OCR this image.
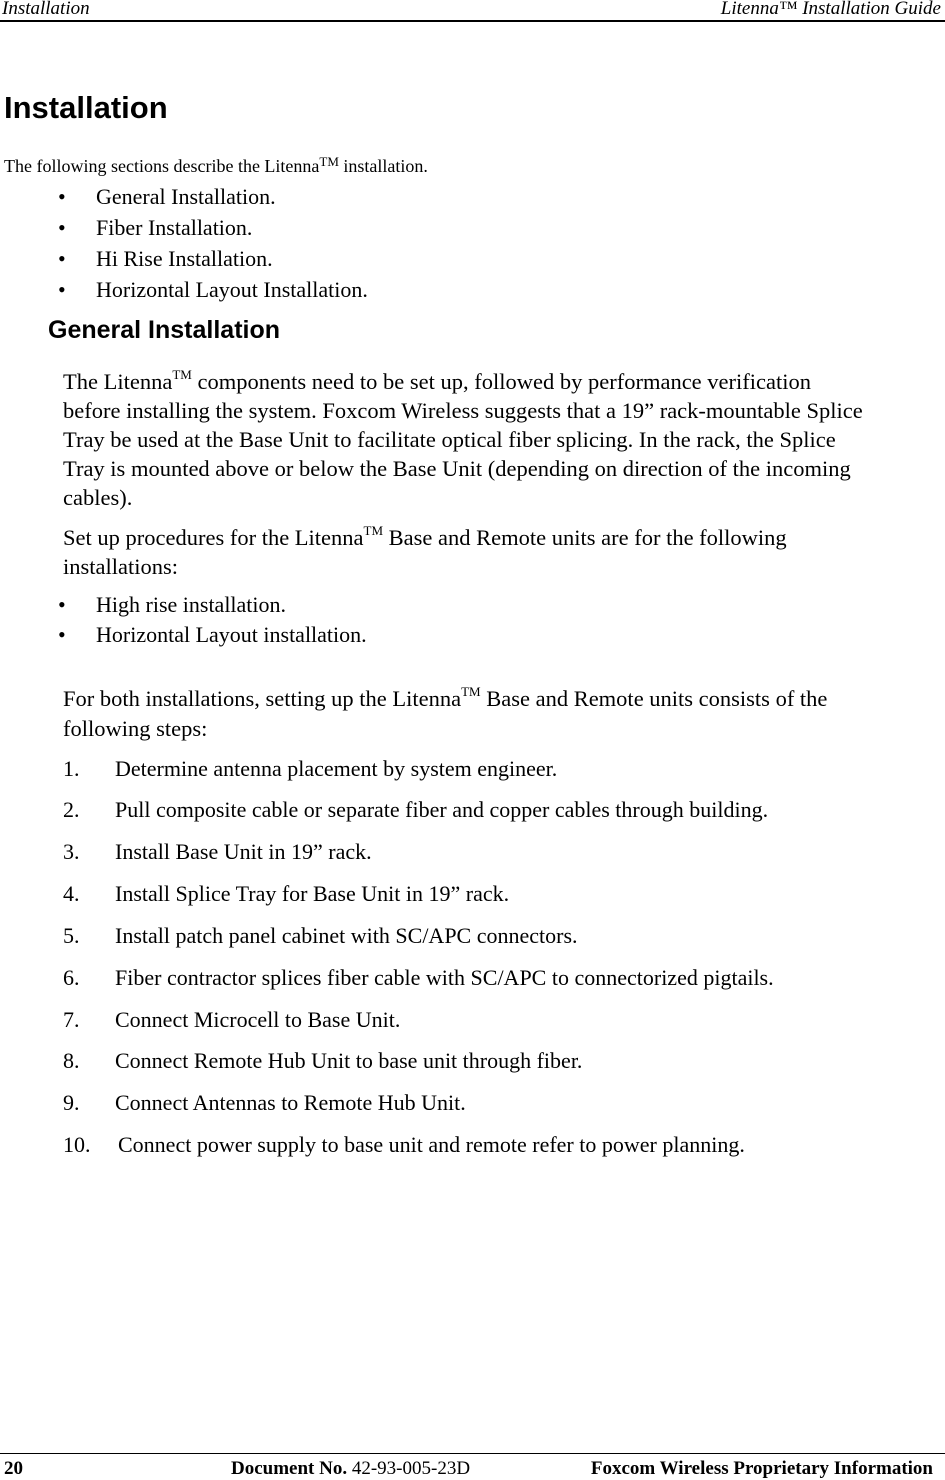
Installation	Litenna™ Installation Guide
Installation
The following sections describe the Litenna™ installation.
• General Installation.
• Fiber Installation.
• Hi Rise Installation.
• Horizontal Layout Installation.
General Installation
The Litenna™ components need to be set up, followed by performance verification
before installing the system. Foxcom Wireless suggests that a 19” rack-mountable Splice
Tray be used at the Base Unit to facilitate optical fiber splicing. In the rack, the Splice
Tray is mounted above or below the Base Unit (depending on direction of the incoming
cables).
Set up procedures for the Litenna™ Base and Remote units are for the following
installations:
• High rise installation.
• Horizontal Layout installation.
For both installations, setting up the Litenna™ Base and Remote units consists of the
following steps:
1. Determine antenna placement by system engineer.
2. Pull composite cable or separate fiber and copper cables through building.
3. Install Base Unit in 19” rack.
4. Install Splice Tray for Base Unit in 19” rack.
5. Install patch panel cabinet with SC/APC connectors.
6. Fiber contractor splices fiber cable with SC/APC to connectorized pigtails.
7. Connect Microcell to Base Unit.
8. Connect Remote Hub Unit to base unit through fiber.
9. Connect Antennas to Remote Hub Unit.
10. Connect power supply to base unit and remote refer to power planning.
20	Document No. 42-93-005-23D	Foxcom Wireless Proprietary Information
